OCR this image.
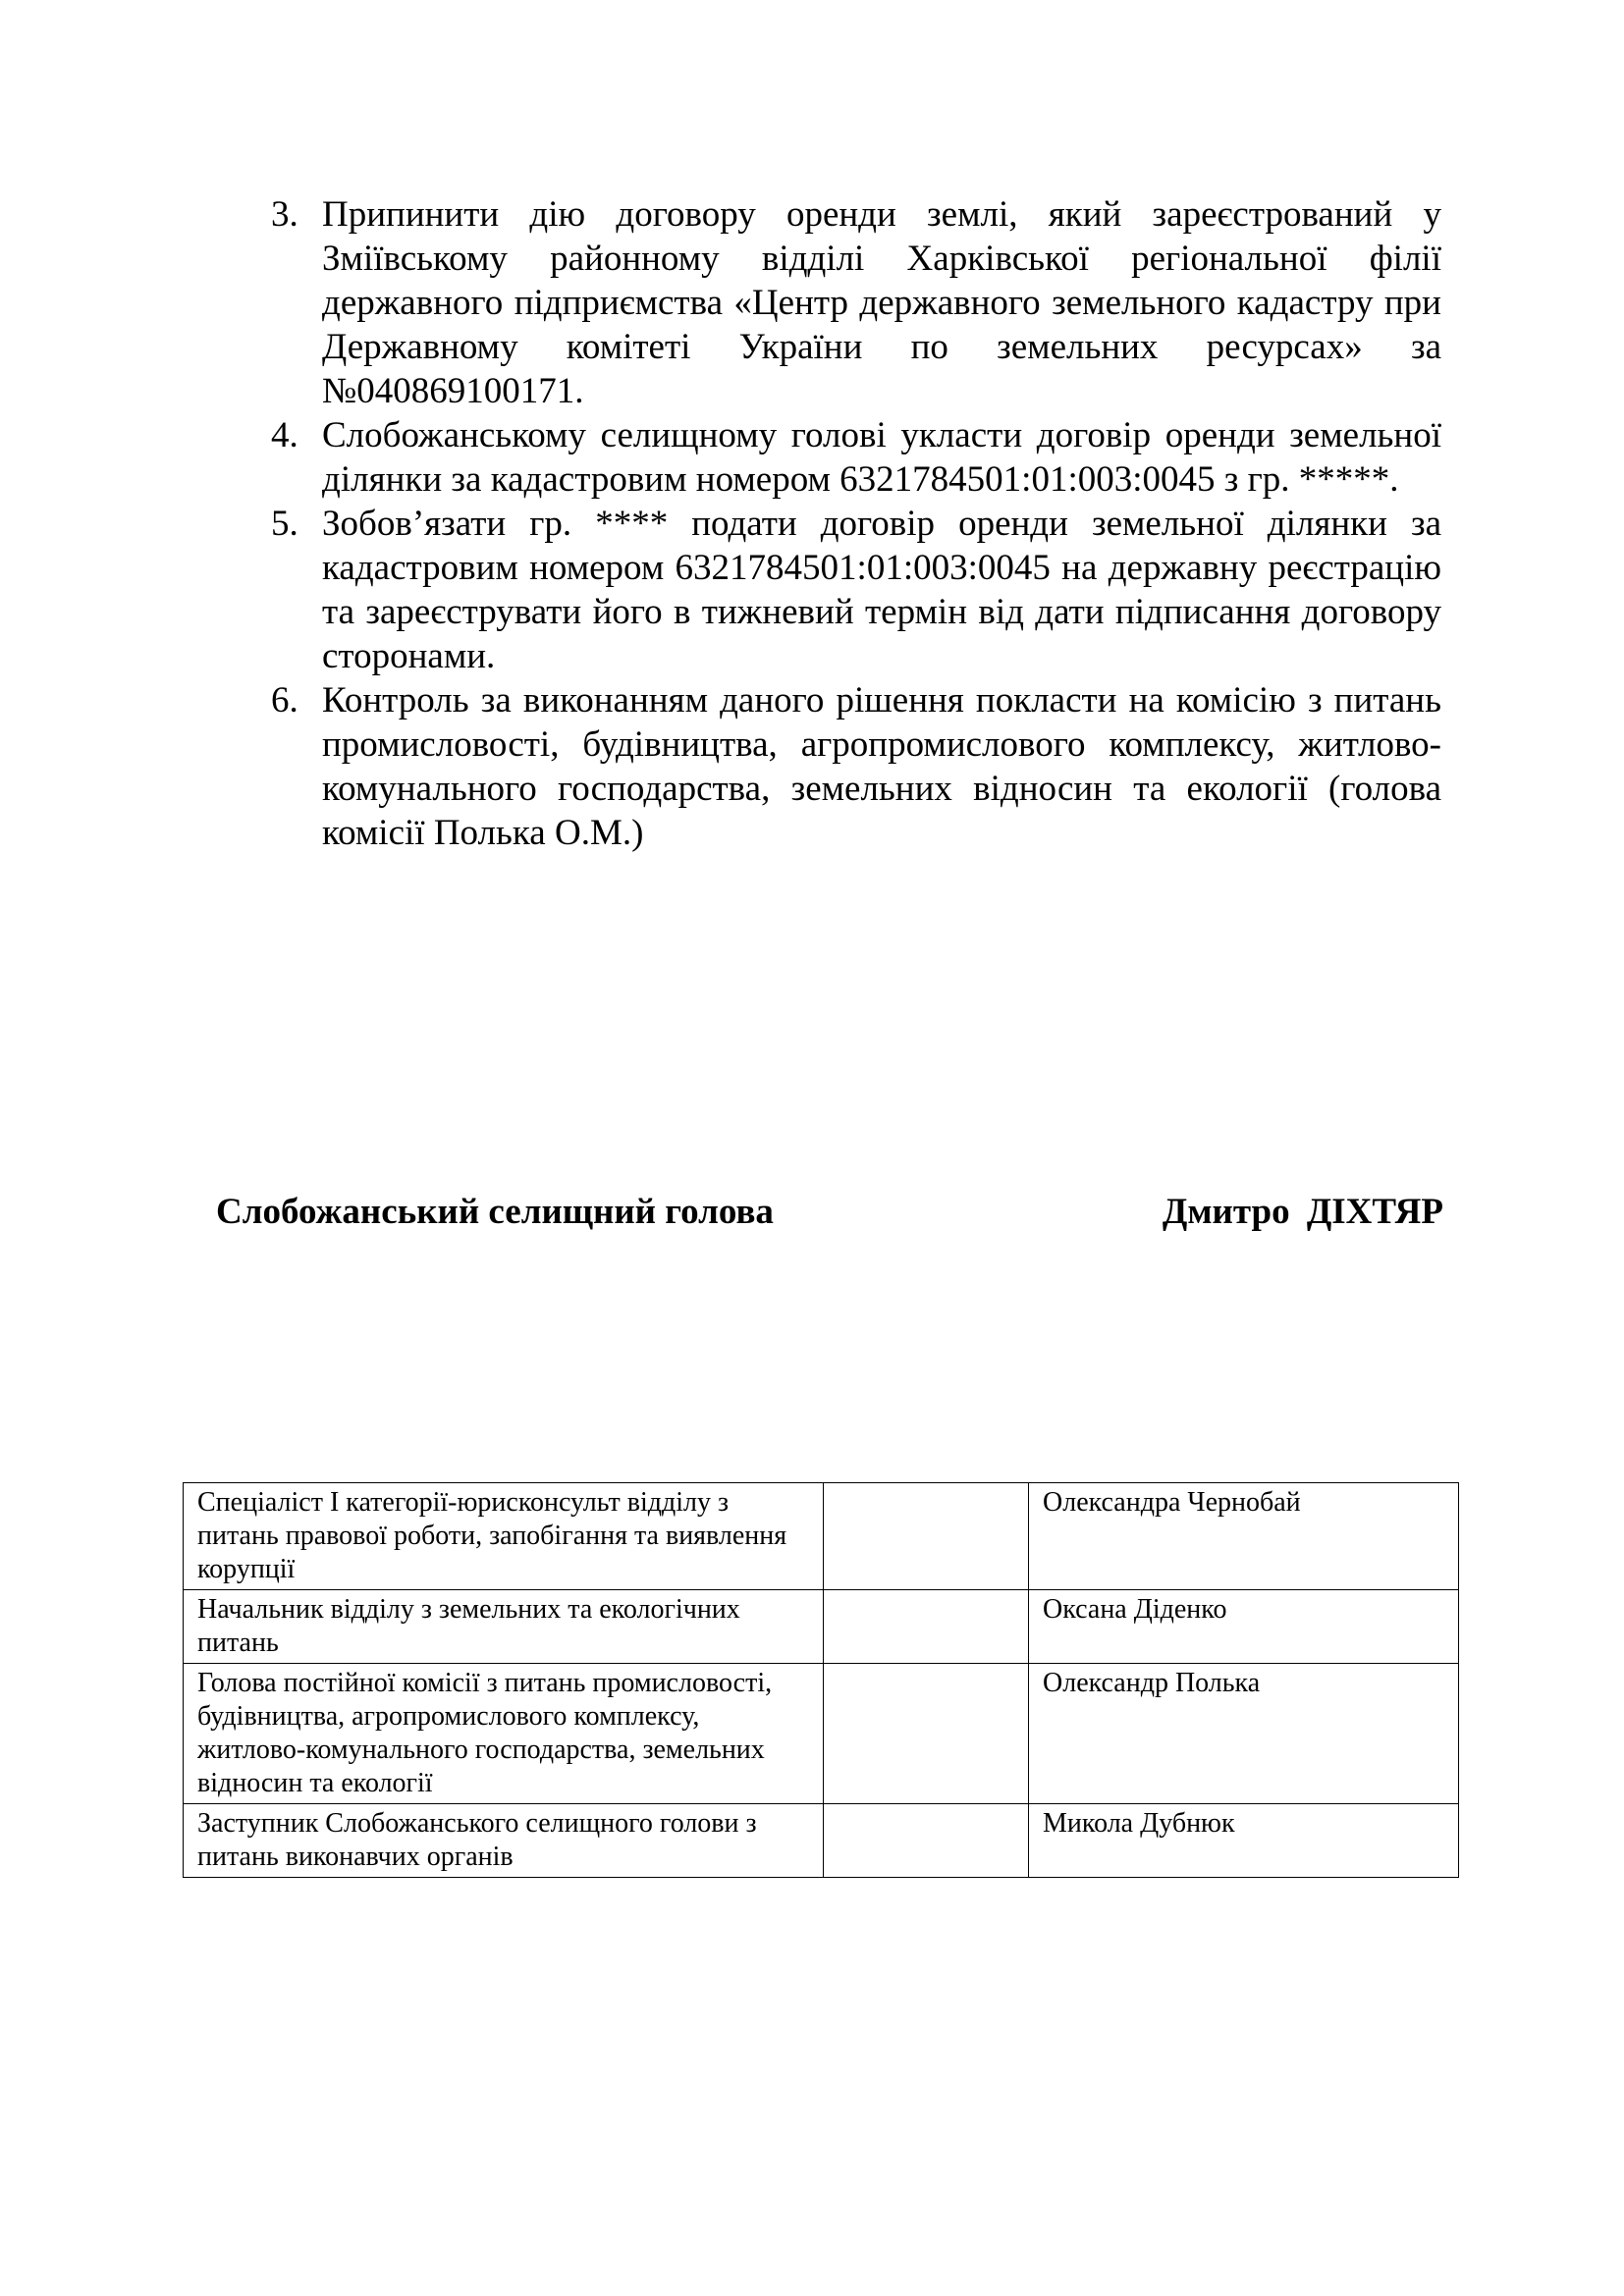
3. Припинити дію договору оренди землі, який зареєстрований у Зміївському районному відділі Харківської регіональної філії державного підприємства «Центр державного земельного кадастру при Державному комітеті України по земельних ресурсах» за №040869100171.
4. Слобожанському селищному голові укласти договір оренди земельної ділянки за кадастровим номером 6321784501:01:003:0045 з гр. *****.
5. Зобов’язати гр. **** подати договір оренди земельної ділянки за кадастровим номером 6321784501:01:003:0045 на державну реєстрацію та зареєструвати його в тижневий термін від дати підписання договору сторонами.
6. Контроль за виконанням даного рішення покласти на комісію з питань промисловості, будівництва, агропромислового комплексу, житлово-комунального господарства, земельних відносин та екології (голова комісії Полька О.М.)
Слобожанський селищний голова	Дмитро ДІХТЯР
Спеціаліст І категорії-юрисконсульт відділу з питань правової роботи, запобігання та виявлення корупції		Олександра Чернобай
Начальник відділу з земельних та екологічних питань		Оксана Діденко
Голова постійної комісії з питань промисловості, будівництва, агропромислового комплексу, житлово-комунального господарства, земельних відносин та екології		Олександр Полька
Заступник Слобожанського селищного голови з питань виконавчих органів		Микола Дубнюк
